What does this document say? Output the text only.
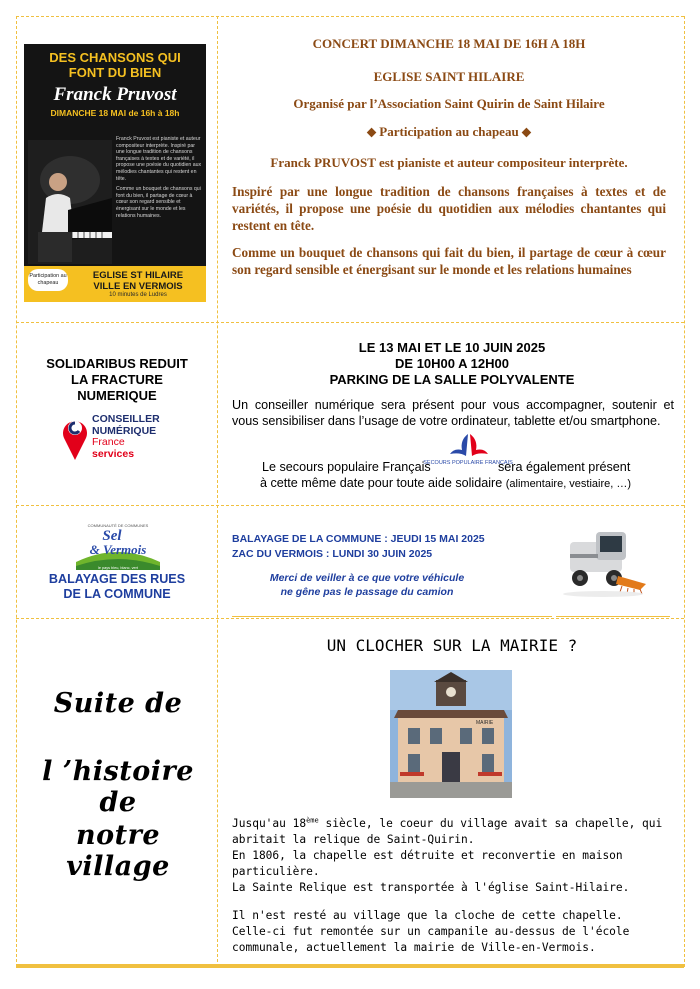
DES CHANSONS QUI
FONT DU BIEN
Franck Pruvost
DIMANCHE 18 MAI de 16h à 18h

Franck Pruvost est pianiste et auteur compositeur interprète. Inspiré par une longue tradition de chansons françaises à textes et de variété, il propose une poésie du quotidien aux mélodies chantantes qui restent en tête.

Comme un bouquet de chansons qui font du bien, il partage de cœur à cœur son regard sensible et énergisant sur le monde et les relations humaines.

Participation au chapeau
EGLISE ST HILAIRE
VILLE EN VERMOIS
10 minutes de Ludres
CONCERT DIMANCHE 18 MAI DE 16H A 18H
EGLISE SAINT HILAIRE
Organisé par l’Association Saint Quirin de Saint Hilaire
⬥ Participation au chapeau ⬥
Franck PRUVOST est pianiste et auteur compositeur interprète.
Inspiré par une longue tradition de chansons françaises à textes et de variétés, il propose une poésie du quotidien aux mélodies chantantes qui restent en tête.
Comme un bouquet de chansons qui fait du bien, il partage de cœur à cœur son regard sensible et énergisant sur le monde et les relations humaines
SOLIDARIBUS REDUIT
LA FRACTURE
NUMERIQUE
CONSEILLER
NUMÉRIQUE
France
services
LE 13 MAI ET LE 10 JUIN 2025
DE 10H00 A 12H00
PARKING DE LA SALLE POLYVALENTE
Un conseiller numérique sera présent pour vous accompagner, soutenir et vous sensibiliser dans l’usage de votre ordinateur, tablette et/ou smartphone.
Le secours populaire Français
SECOURS POPULAIRE FRANÇAIS
sera également présent
à cette même date pour toute aide solidaire (alimentaire, vestiaire, …)
COMMUNAUTÉ DE COMMUNES
Sel
& Vermois
le pays bleu, blanc, vert
BALAYAGE DES RUES
DE LA COMMUNE
BALAYAGE DE LA COMMUNE : JEUDI 15 MAI 2025
ZAC DU VERMOIS : LUNDI 30 JUIN 2025
Merci de veiller à ce que votre véhicule
ne gêne pas le passage du camion
Suite de
l ’histoire de
notre village
UN CLOCHER SUR LA MAIRIE ?
MAIRIE

Jusqu'au 18ème siècle, le coeur du village avait sa chapelle, qui abritait la relique de Saint-Quirin.

En 1806, la chapelle est détruite et reconvertie en maison particulière.

La Sainte Relique est transportée à l'église Saint-Hilaire.

Il n'est resté au village que la cloche de cette chapelle.

Celle-ci fut remontée sur un campanile au-dessus de l'école communale, actuellement la mairie de Ville-en-Vermois.
